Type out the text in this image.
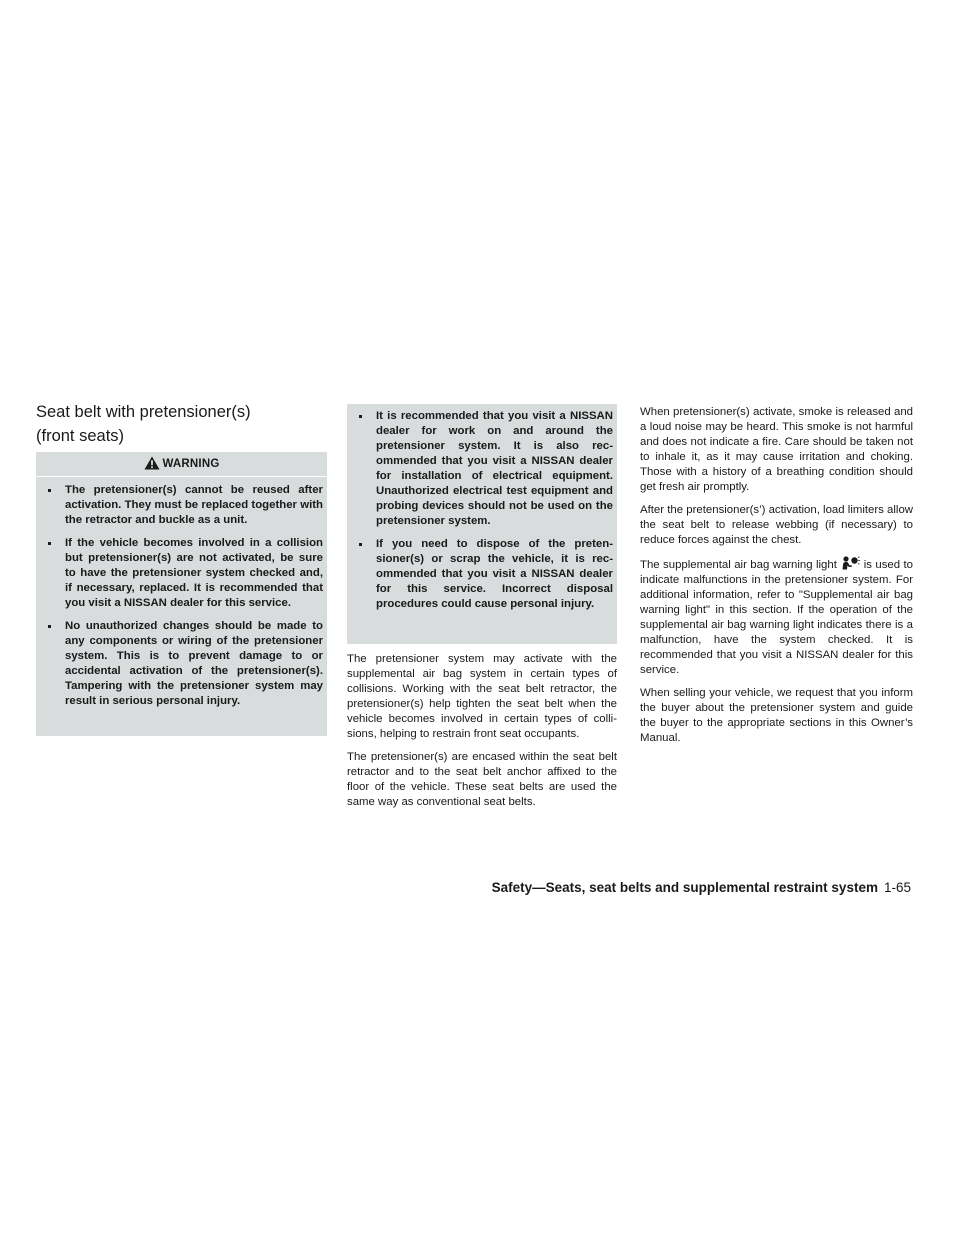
Seat belt with pretensioner(s)
(front seats)
WARNING
The pretensioner(s) cannot be reused after activation. They must be replaced together with the retractor and buckle as a unit.
If the vehicle becomes involved in a collision but pretensioner(s) are not activated, be sure to have the pretensioner system checked and, if necessary, replaced. It is recommended that you visit a NISSAN dealer for this service.
No unauthorized changes should be made to any components or wiring of the pretensioner system. This is to prevent damage to or accidental activation of the pretensioner(s). Tampering with the pretensioner system may result in serious personal injury.
It is recommended that you visit a NISSAN dealer for work on and around the pretensioner system. It is also recommended that you visit a NISSAN dealer for installation of electrical equipment. Unauthorized electrical test equipment and probing devices should not be used on the pretensioner system.
If you need to dispose of the pretensioner(s) or scrap the vehicle, it is recommended that you visit a NISSAN dealer for this service. Incorrect disposal procedures could cause personal injury.

The pretensioner system may activate with the supplemental air bag system in certain types of collisions. Working with the seat belt retractor, the pretensioner(s) help tighten the seat belt when the vehicle becomes involved in certain types of collisions, helping to restrain front seat occupants.

The pretensioner(s) are encased within the seat belt retractor and to the seat belt anchor affixed to the floor of the vehicle. These seat belts are used the same way as conventional seat belts.

When pretensioner(s) activate, smoke is released and a loud noise may be heard. This smoke is not harmful and does not indicate a fire. Care should be taken not to inhale it, as it may cause irritation and choking. Those with a history of a breathing condition should get fresh air promptly.

After the pretensioner(s’) activation, load limiters allow the seat belt to release webbing (if necessary) to reduce forces against the chest.

The supplemental air bag warning light is used to indicate malfunctions in the pretensioner system. For additional information, refer to "Supplemental air bag warning light" in this section. If the operation of the supplemental air bag warning light indicates there is a malfunction, have the system checked. It is recommended that you visit a NISSAN dealer for this service.

When selling your vehicle, we request that you inform the buyer about the pretensioner system and guide the buyer to the appropriate sections in this Owner’s Manual.

Safety—Seats, seat belts and supplemental restraint system 1-65
